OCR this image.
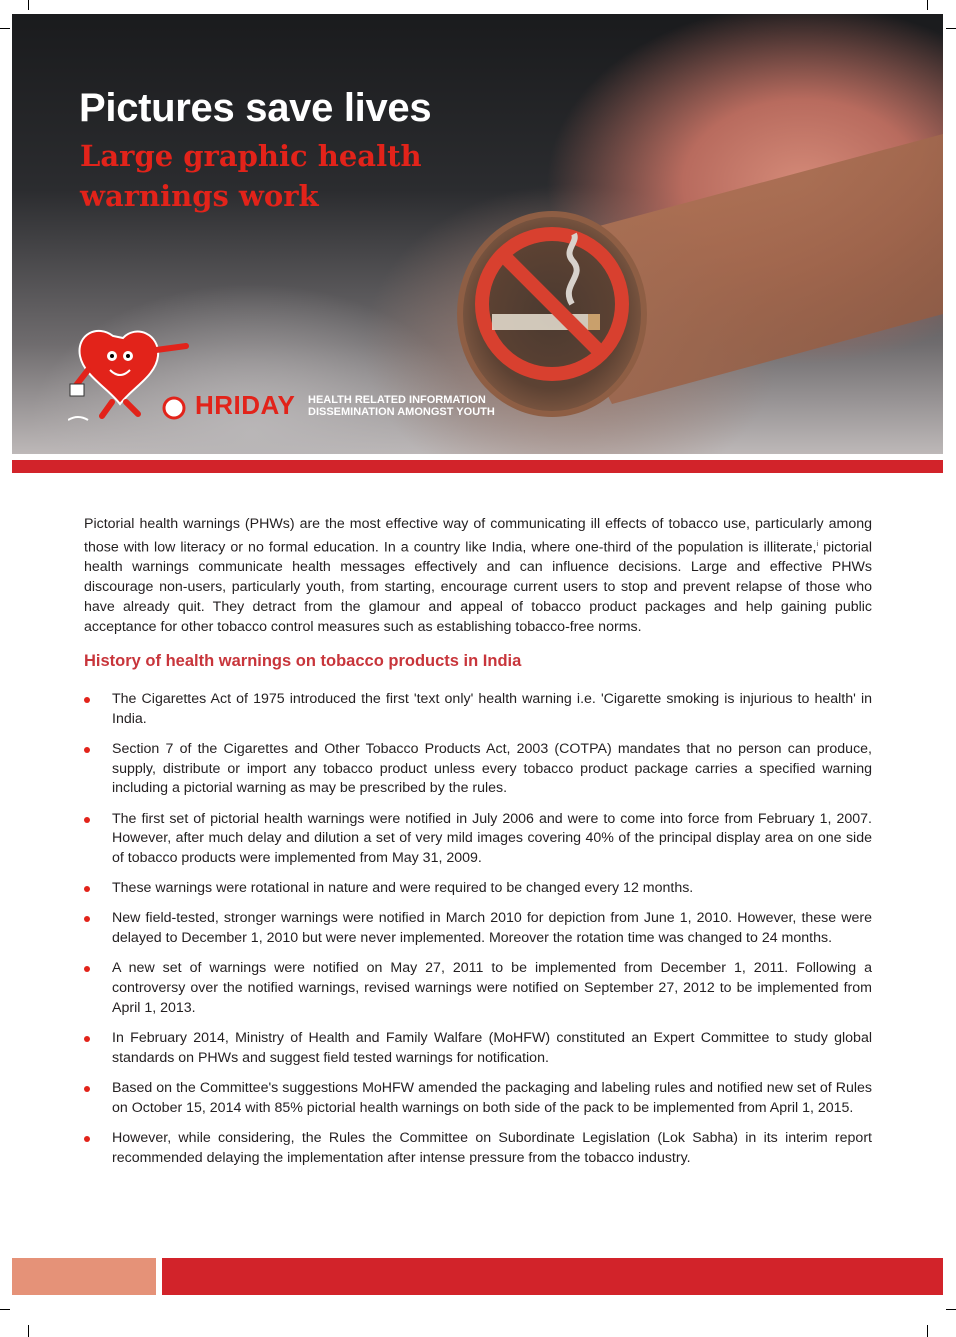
Pictures save lives
Large graphic health warnings work
HRIDAY HEALTH RELATED INFORMATION
DISSEMINATION AMONGST YOUTH

Pictorial health warnings (PHWs) are the most effective way of communicating ill effects of tobacco use, particularly among those with low literacy or no formal education. In a country like India, where one-third of the population is illiterate,$^i$ pictorial health warnings communicate health messages effectively and can influence decisions. Large and effective PHWs discourage non-users, particularly youth, from starting, encourage current users to stop and prevent relapse of those who have already quit. They detract from the glamour and appeal of tobacco product packages and help gaining public acceptance for other tobacco control measures such as establishing tobacco-free norms.

History of health warnings on tobacco products in India
The Cigarettes Act of 1975 introduced the first 'text only' health warning i.e. 'Cigarette smoking is injurious to health' in India.
Section 7 of the Cigarettes and Other Tobacco Products Act, 2003 (COTPA) mandates that no person can produce, supply, distribute or import any tobacco product unless every tobacco product package carries a specified warning including a pictorial warning as may be prescribed by the rules.
The first set of pictorial health warnings were notified in July 2006 and were to come into force from February 1, 2007. However, after much delay and dilution a set of very mild images covering 40% of the principal display area on one side of tobacco products were implemented from May 31, 2009.
These warnings were rotational in nature and were required to be changed every 12 months.
New field-tested, stronger warnings were notified in March 2010 for depiction from June 1, 2010. However, these were delayed to December 1, 2010 but were never implemented. Moreover the rotation time was changed to 24 months.
A new set of warnings were notified on May 27, 2011 to be implemented from December 1, 2011. Following a controversy over the notified warnings, revised warnings were notified on September 27, 2012 to be implemented from April 1, 2013.
In February 2014, Ministry of Health and Family Walfare (MoHFW) constituted an Expert Committee to study global standards on PHWs and suggest field tested warnings for notification.
Based on the Committee's suggestions MoHFW amended the packaging and labeling rules and notified new set of Rules on October 15, 2014 with 85% pictorial health warnings on both side of the pack to be implemented from April 1, 2015.
However, while considering, the Rules the Committee on Subordinate Legislation (Lok Sabha) in its interim report recommended delaying the implementation after intense pressure from the tobacco industry.
